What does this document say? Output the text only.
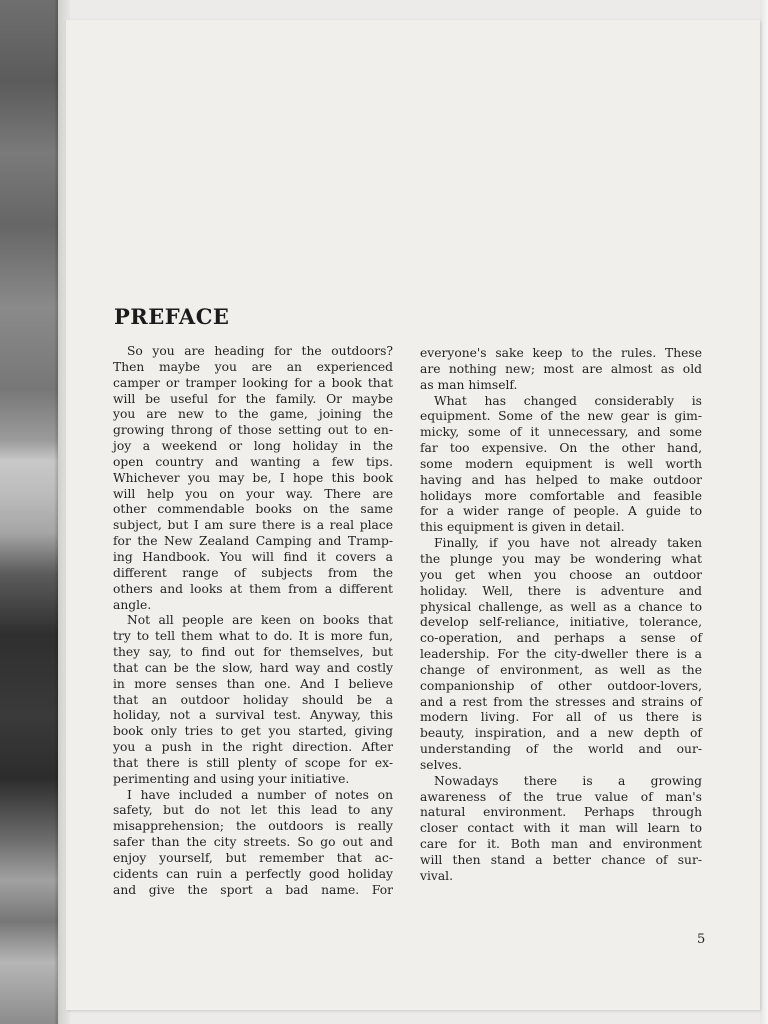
PREFACE
So you are heading for the outdoors?
Then maybe you are an experienced
camper or tramper looking for a book that
will be useful for the family. Or maybe
you are new to the game, joining the
growing throng of those setting out to en-
joy a weekend or long holiday in the
open country and wanting a few tips.
Whichever you may be, I hope this book
will help you on your way. There are
other commendable books on the same
subject, but I am sure there is a real place
for the New Zealand Camping and Tramp-
ing Handbook. You will find it covers a
different range of subjects from the
others and looks at them from a different
angle.
Not all people are keen on books that
try to tell them what to do. It is more fun,
they say, to find out for themselves, but
that can be the slow, hard way and costly
in more senses than one. And I believe
that an outdoor holiday should be a
holiday, not a survival test. Anyway, this
book only tries to get you started, giving
you a push in the right direction. After
that there is still plenty of scope for ex-
perimenting and using your initiative.
I have included a number of notes on
safety, but do not let this lead to any
misapprehension; the outdoors is really
safer than the city streets. So go out and
enjoy yourself, but remember that ac-
cidents can ruin a perfectly good holiday
and give the sport a bad name. For
everyone's sake keep to the rules. These
are nothing new; most are almost as old
as man himself.
What has changed considerably is
equipment. Some of the new gear is gim-
micky, some of it unnecessary, and some
far too expensive. On the other hand,
some modern equipment is well worth
having and has helped to make outdoor
holidays more comfortable and feasible
for a wider range of people. A guide to
this equipment is given in detail.
Finally, if you have not already taken
the plunge you may be wondering what
you get when you choose an outdoor
holiday. Well, there is adventure and
physical challenge, as well as a chance to
develop self-reliance, initiative, tolerance,
co-operation, and perhaps a sense of
leadership. For the city-dweller there is a
change of environment, as well as the
companionship of other outdoor-lovers,
and a rest from the stresses and strains of
modern living. For all of us there is
beauty, inspiration, and a new depth of
understanding of the world and our-
selves.
Nowadays there is a growing
awareness of the true value of man's
natural environment. Perhaps through
closer contact with it man will learn to
care for it. Both man and environment
will then stand a better chance of sur-
vival.
5
